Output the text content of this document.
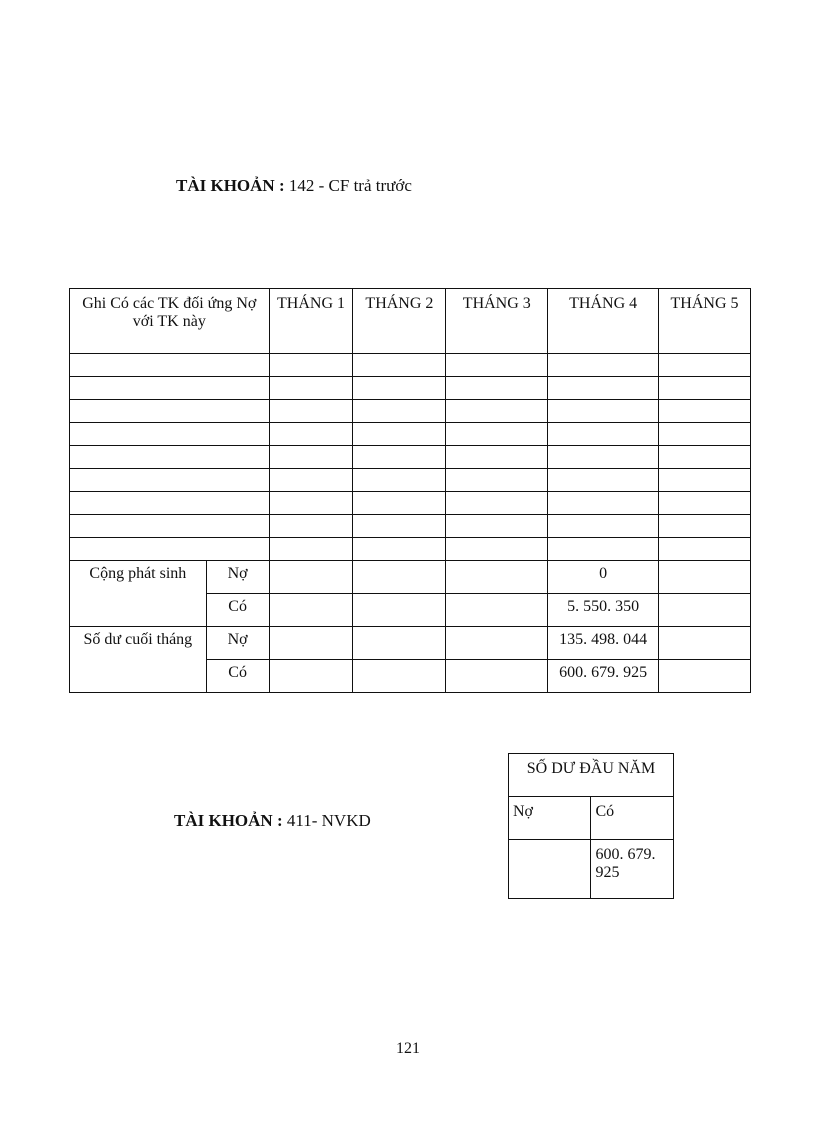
TÀI KHOẢN : 142 - CF trả trước
Ghi Có các TK đối ứng Nợ với TK này		THÁNG 1	THÁNG 2	THÁNG 3	THÁNG 4	THÁNG 5

Cộng phát sinh	Nợ				0	
	Có				5. 550. 350	
Số dư cuối tháng	Nợ				135. 498. 044	
	Có				600. 679. 925	
TÀI KHOẢN : 411- NVKD
SỐ DƯ ĐẦU NĂM	
Nợ	Có
	600. 679. 925
121
